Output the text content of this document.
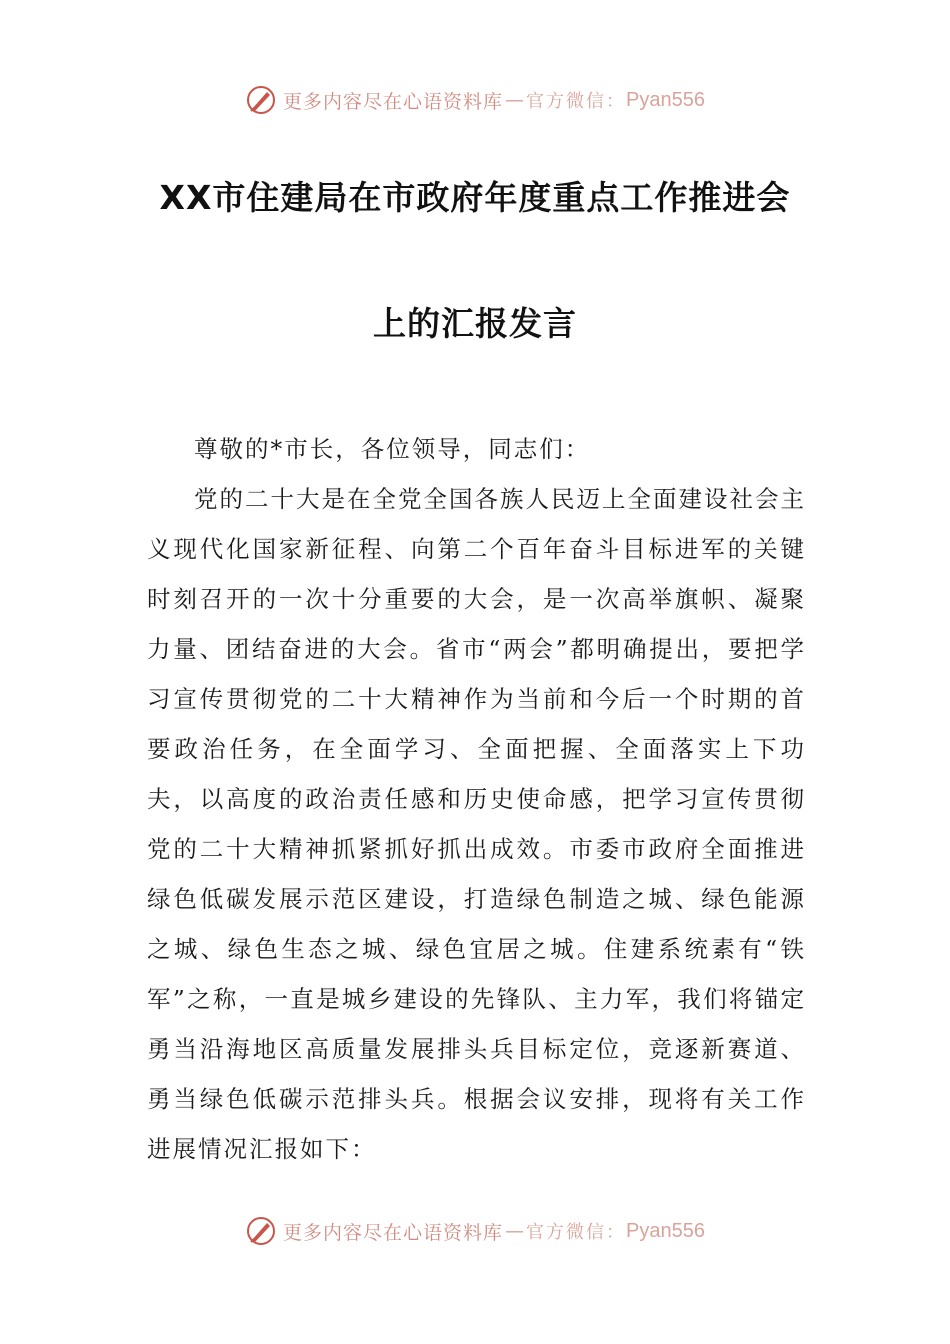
更多内容尽在心语资料库 — 官方微信： Pyan556
XX市住建局在市政府年度重点工作推进会
上的汇报发言

尊敬的*市长，各位领导，同志们：

党的二十大是在全党全国各族人民迈上全面建设社会主义现代化国家新征程、向第二个百年奋斗目标进军的关键时刻召开的一次十分重要的大会，是一次高举旗帜、凝聚力量、团结奋进的大会。省市“两会”都明确提出，要把学习宣传贯彻党的二十大精神作为当前和今后一个时期的首要政治任务，在全面学习、全面把握、全面落实上下功夫，以高度的政治责任感和历史使命感，把学习宣传贯彻党的二十大精神抓紧抓好抓出成效。市委市政府全面推进绿色低碳发展示范区建设，打造绿色制造之城、绿色能源之城、绿色生态之城、绿色宜居之城。住建系统素有“铁军”之称，一直是城乡建设的先锋队、主力军，我们将锚定勇当沿海地区高质量发展排头兵目标定位，竞逐新赛道、勇当绿色低碳示范排头兵。根据会议安排，现将有关工作进展情况汇报如下：

更多内容尽在心语资料库 — 官方微信： Pyan556
